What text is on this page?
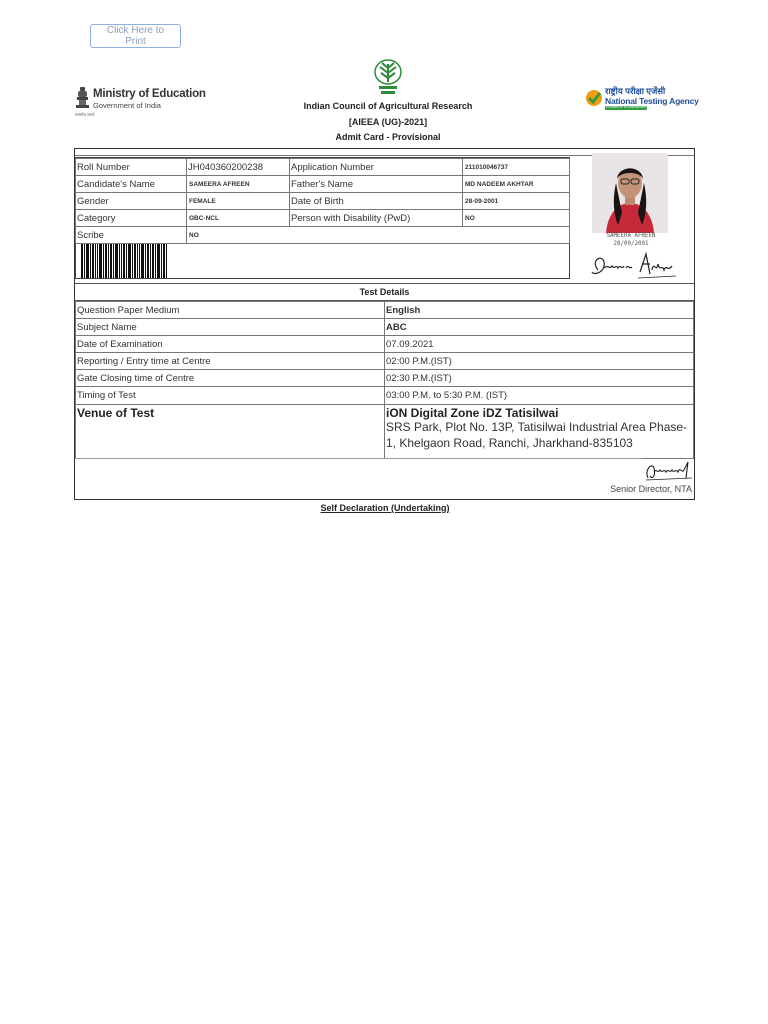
Click Here to Print
Ministry of Education
Government of India
सत्यमेव जयते
Indian Council of Agricultural Research
[AIEEA (UG)-2021]
Admit Card - Provisional
राष्ट्रीय परीक्षा एजेंसी
National Testing Agency
Excellence in Assessment
Roll Number	JH040360200238	Application Number	211010046737
Candidate's Name	SAMEERA AFREEN	Father's Name	MD NADEEM AKHTAR
Gender	FEMALE	Date of Birth	28-09-2001
Category	OBC-NCL	Person with Disability (PwD)	NO
Scribe	NO	SAMEERA AFREEN
28/09/2001
Test Details
Question Paper Medium	English
Subject Name	ABC
Date of Examination	07.09.2021
Reporting / Entry time at Centre	02:00 P.M.(IST)
Gate Closing time of Centre	02:30 P.M.(IST)
Timing of Test	03:00 P.M. to 5:30 P.M. (IST)
Venue of Test	iON Digital Zone iDZ Tatisilwai
SRS Park, Plot No. 13P, Tatisilwai Industrial Area Phase-1, Khelgaon Road, Ranchi, Jharkhand-835103
Senior Director, NTA
Self Declaration (Undertaking)
